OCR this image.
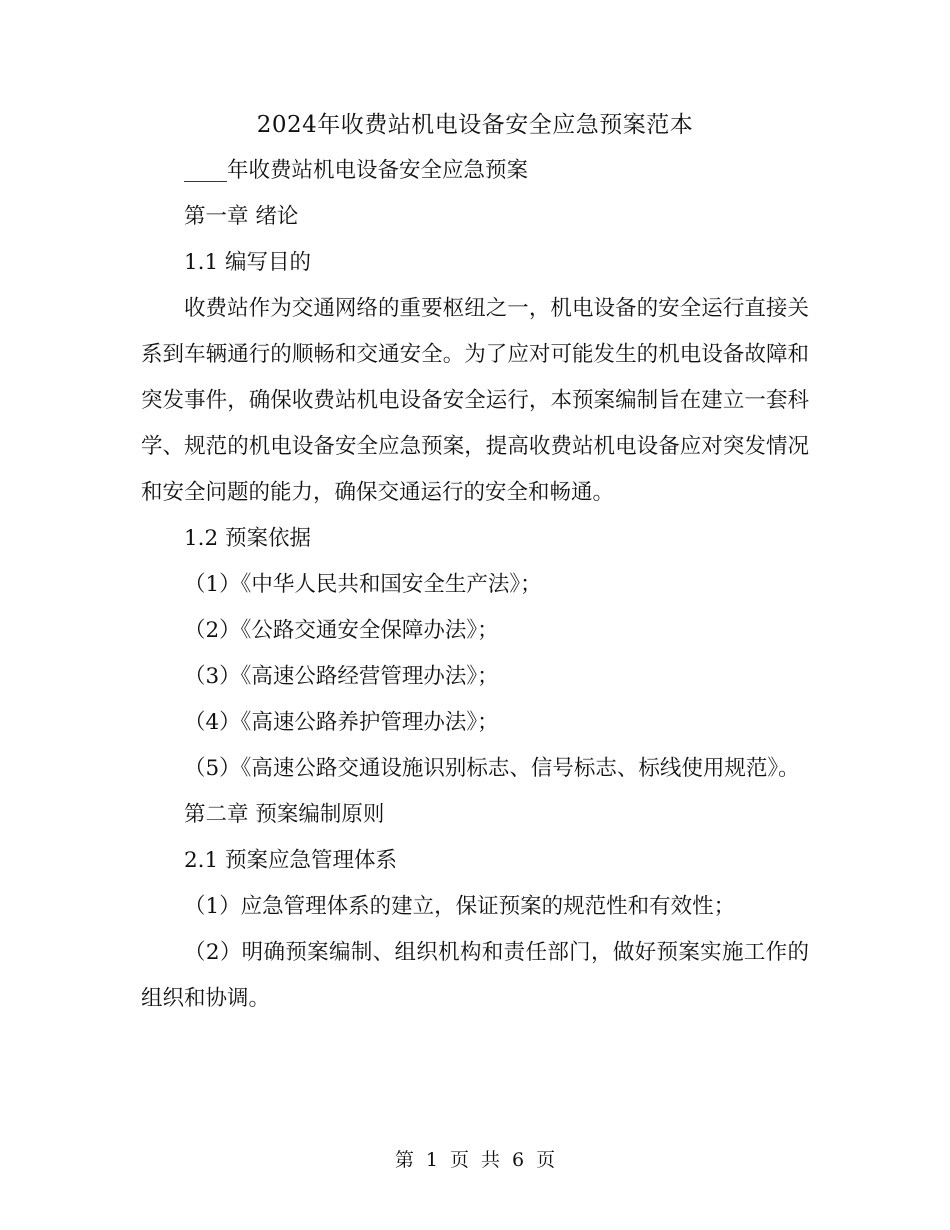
2024年收费站机电设备安全应急预案范本

____年收费站机电设备安全应急预案

第一章 绪论

1.1 编写目的

收费站作为交通网络的重要枢纽之一，机电设备的安全运行直接关系到车辆通行的顺畅和交通安全。为了应对可能发生的机电设备故障和突发事件，确保收费站机电设备安全运行，本预案编制旨在建立一套科学、规范的机电设备安全应急预案，提高收费站机电设备应对突发情况和安全问题的能力，确保交通运行的安全和畅通。

1.2 预案依据

（1）《中华人民共和国安全生产法》；

（2）《公路交通安全保障办法》；

（3）《高速公路经营管理办法》；

（4）《高速公路养护管理办法》；

（5）《高速公路交通设施识别标志、信号标志、标线使用规范》。

第二章 预案编制原则

2.1 预案应急管理体系

（1）应急管理体系的建立，保证预案的规范性和有效性；

（2）明确预案编制、组织机构和责任部门，做好预案实施工作的组织和协调。

第 1 页 共 6 页
